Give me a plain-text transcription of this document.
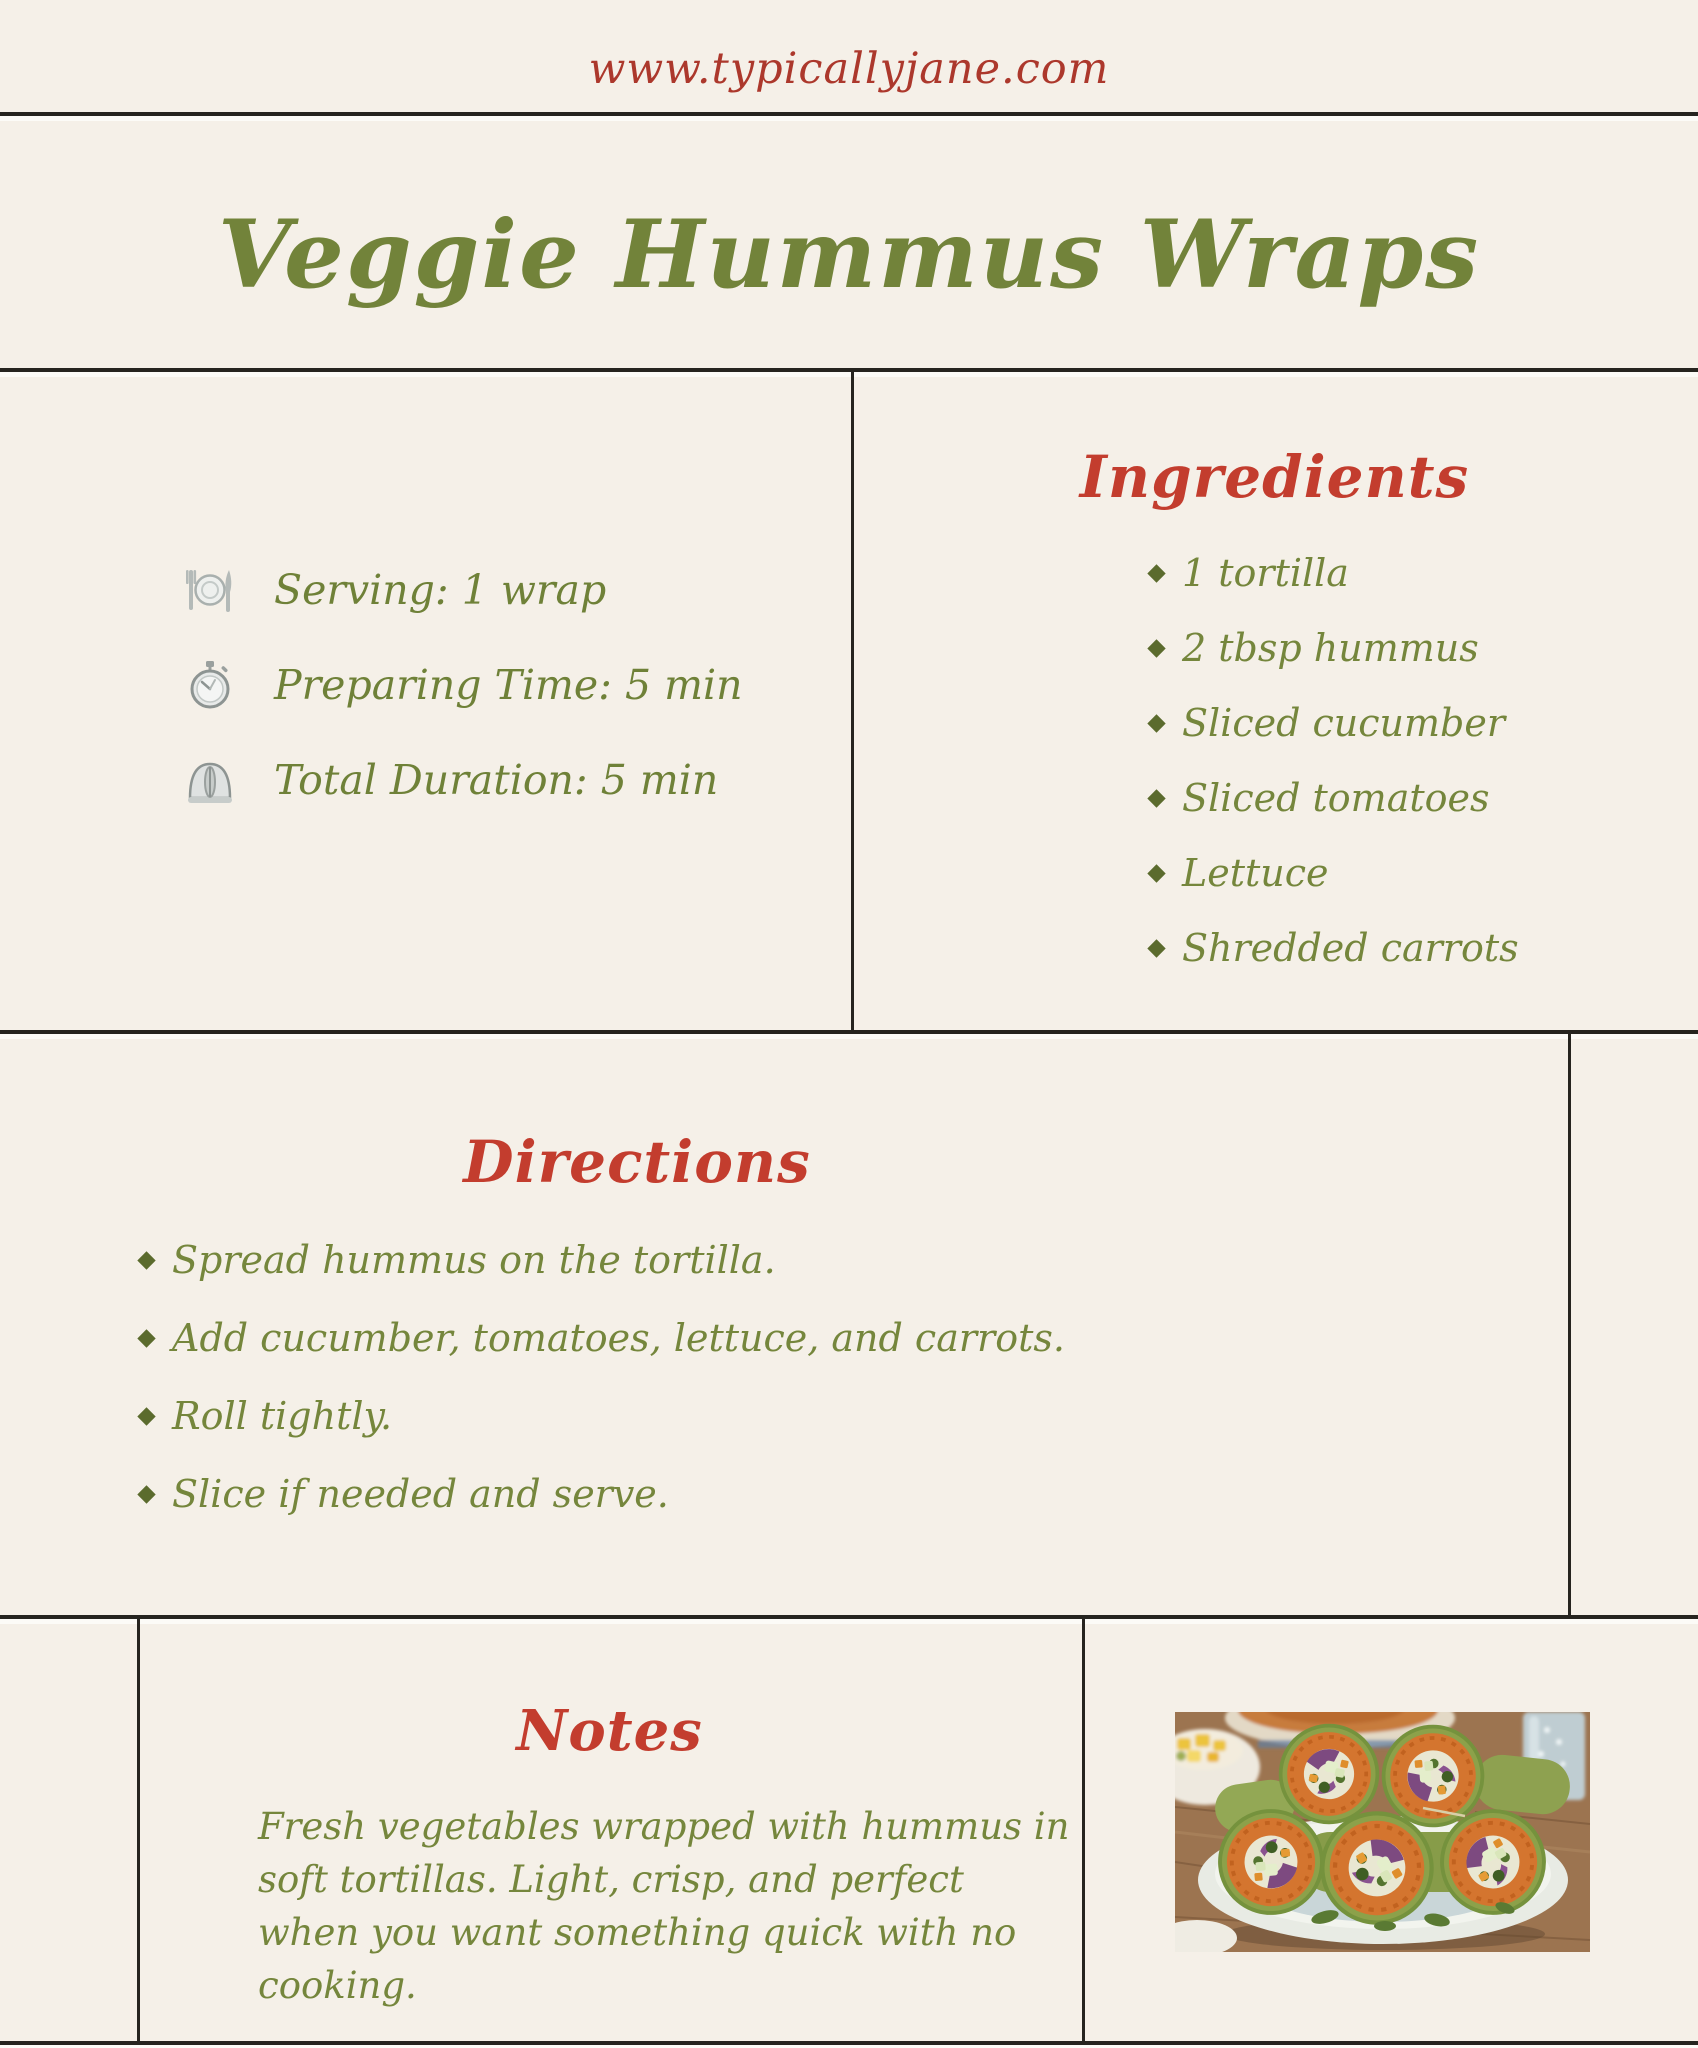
www.typicallyjane.com
Veggie Hummus Wraps
Serving: 1 wrap
Preparing Time: 5 min
Total Duration: 5 min
Ingredients
1 tortilla
2 tbsp hummus
Sliced cucumber
Sliced tomatoes
Lettuce
Shredded carrots
Directions
Spread hummus on the tortilla.
Add cucumber, tomatoes, lettuce, and carrots.
Roll tightly.
Slice if needed and serve.
Notes
Fresh vegetables wrapped with hummus in soft tortillas. Light, crisp, and perfect when you want something quick with no cooking.
